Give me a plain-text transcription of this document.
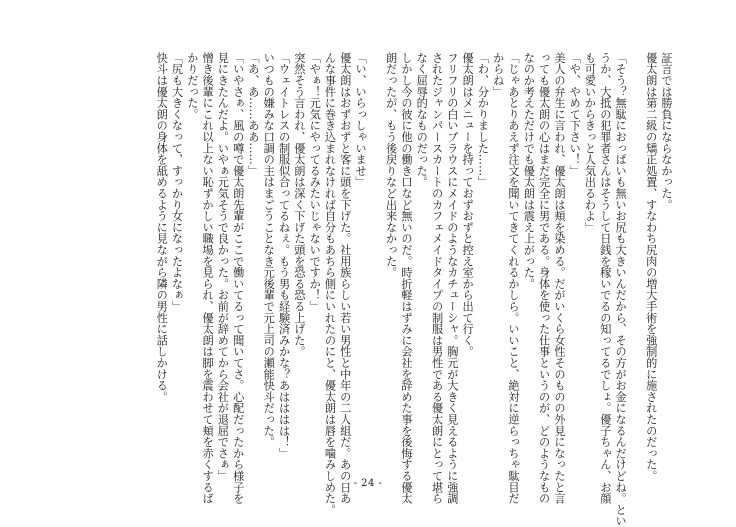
証言では勝負にならなかった。
優太朗は第二級の矯正処置、すなわち尻肉の増大手術を強制的に施されたのだった。
「そう？無駄におっぱいも無いお尻も大きいんだから、その方がお金になるんだけどね。とい
うか、大抵の犯罪者さんはそうして日銭を稼いでるの知ってるでしょ。優子ちゃん、お顔
も可愛いからきっと人気出るわよ」
「や、やめて下さい！」
美人の弁生に言われ、優太朗は頬を染める。だがいくら女性そのものの外見になったと言
っても優太朗の心はまだ完全に男である。身体を使った仕事というのが、どのようなもの
なのか考えただけでも優太朗は震え上がった。
「じゃあとりあえず注文を聞いてきてくれるかしら。いいこと、絶対に逆らっちゃ駄目だ
からね」
「わ、分かりました……」
優太朗はメニューを持っておずおずと控え室から出て行く。
フリフリの白いブラウスにメイドのようなカチューシャ。胸元が大きく見えるように強調
されたジャンパースカートのカフェメイドタイプの制服は男性である優太朗にとって堪ら
なく屈辱的なものだった。
しかし今の彼に他の働き口など無いのだ。時折軽はずみに会社を辞めた事を後悔する優太
朗だったが、もう後戻りなど出来なかった。
「い、いらっしゃいませ」
優太朗はおずおずと客に頭を下げた。社用族らしい若い男性と中年の二人組だ。あの日あ
んな事件に巻き込まれなければ自分もあちら側にいれたのにと、優太朗は唇を噛みしめた。
「やぁ！元気にやってるみたいじゃないですか！」
突然そう言われ、優太朗は深く下げた頭を恐る恐る上げた。
「ウェイトレスの制服似合ってるねぇ。もう男も経験済みかな？あはははは！」
いつもの嫌みな口調の主はまごうことなき元後輩で元上司の瀬能快斗だった。
「あ、あ……ああ……」
「いやさぁ、風の噂で優太朗先輩がここで働いてるって聞いてさ。心配だったから様子を
見にきたんだよ。いやぁ元気そうで良かった。お前が辞めてから会社が退屈でさぁ」
憎き後輩にこれ以上ない恥ずかしい職場を見られ、優太朗は脚を震わせて頬を赤くするば
かりだった。
「尻も大きくなって、すっかり女になったよなぁ」
快斗は優太朗の身体を舐めるように見ながら隣の男性に話しかける。
- 24 -
